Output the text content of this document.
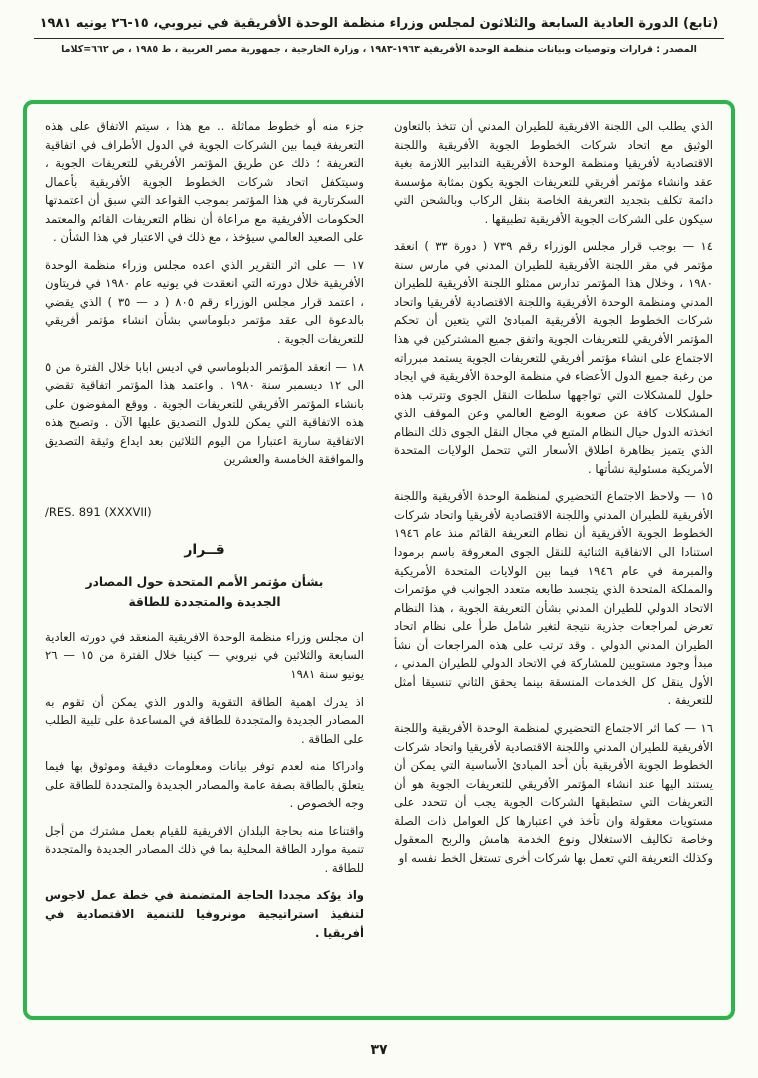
(تابع) الدورة العادية السابعة والثلاثون لمجلس وزراء منظمة الوحدة الأفريقية في نيروبي، ١٥-٢٦ يونيه ١٩٨١
المصدر : قرارات وتوصيات وبيانات منظمة الوحدة الأفريقية ١٩٦٣-١٩٨٣ ، وزارة الخارجية ، جمهورية مصر العربية ، ط ١٩٨٥ ، ص ٦٦٢=كلاما

الذي يطلب الى اللجنة الافريقية للطيران المدني أن تتخذ بالتعاون الوثيق مع اتحاد شركات الخطوط الجوية الأفريقية واللجنة الاقتصادية لأفريقيا ومنظمة الوحدة الأفريقية التدابير اللازمة بغية عقد وانشاء مؤتمر أفريقي للتعريفات الجوية يكون بمثابة مؤسسة دائمة تكلف بتجديد التعريفة الخاصة بنقل الركاب وبالشحن التي سيكون على الشركات الجوية الأفريقية تطبيقها .

١٤ — بوجب قرار مجلس الوزراء رقم ٧٣٩ ( دورة ٣٣ ) انعقد مؤتمر في مقر اللجنة الأفريقية للطيران المدني في مارس سنة ١٩٨٠ ، وخلال هذا المؤتمر تدارس ممثلو اللجنة الأفريقية للطيران المدني ومنظمة الوحدة الأفريقية واللجنة الاقتصادية لأفريقيا واتحاد شركات الخطوط الجوية الأفريقية المبادئ التي يتعين أن تحكم المؤتمر الأفريقي للتعريفات الجوية واتفق جميع المشتركين في هذا الاجتماع على انشاء مؤتمر أفريقي للتعريفات الجوية يستمد مبرراته من رغبة جميع الدول الأعضاء في منظمة الوحدة الأفريقية في ايجاد حلول للمشكلات التي تواجهها سلطات النقل الجوى وتترتب هذه المشكلات كافة عن صعوبة الوضع العالمي وعن الموقف الذي اتخذته الدول حيال النظام المتبع في مجال النقل الجوى ذلك النظام الذي يتميز بظاهرة اطلاق الأسعار التي تتحمل الولايات المتحدة الأمريكية مسئولية نشأتها .

١٥ — ولاحظ الاجتماع التحضيري لمنظمة الوحدة الأفريقية واللجنة الأفريقية للطيران المدني واللجنة الاقتصادية لأفريقيا واتحاد شركات الخطوط الجوية الأفريقية أن نظام التعريفة القائم منذ عام ١٩٤٦ استنادا الى الاتفاقية الثنائية للنقل الجوى المعروفة باسم برمودا والمبرمة في عام ١٩٤٦ فيما بين الولايات المتحدة الأمريكية والمملكة المتحدة الذي يتجسد طابعه متعدد الجوانب في مؤتمرات الاتحاد الدولي للطيران المدني بشأن التعريفة الجوية ، هذا النظام تعرض لمراجعات جذرية نتيجة لتغير شامل طرأ على نظام اتحاد الطيران المدني الدولي . وقد ترتب على هذه المراجعات أن نشأ مبدأ وجود مستويين للمشاركة في الاتحاد الدولي للطيران المدني ، الأول ينقل كل الخدمات المنسقة بينما يحقق الثاني تنسيقا أمثل للتعريفة .

١٦ — كما اثر الاجتماع التحضيري لمنظمة الوحدة الأفريقية واللجنة الأفريقية للطيران المدني واللجنة الاقتصادية لأفريقيا واتحاد شركات الخطوط الجوية الأفريقية بأن أحد المبادئ الأساسية التي يمكن أن يستند اليها عند انشاء المؤتمر الأفريقي للتعريفات الجوية هو أن التعريفات التي ستطبقها الشركات الجوية يجب أن تتحدد على مستويات معقولة وان تأخذ في اعتبارها كل العوامل ذات الصلة وخاصة تكاليف الاستغلال ونوع الخدمة هامش والربح المعقول وكذلك التعريفة التي تعمل بها شركات أخرى تستغل الخط نفسه او

جزء منه أو خطوط مماثلة .. مع هذا ، سيتم الاتفاق على هذه التعريفة فيما بين الشركات الجوية في الدول الأطراف في اتفاقية التعريفة ؛ ذلك عن طريق المؤتمر الأفريقي للتعريفات الجوية ، وسيتكفل اتحاد شركات الخطوط الجوية الأفريقية بأعمال السكرتارية في هذا المؤتمر بموجب القواعد التي سبق أن اعتمدتها الحكومات الأفريقية مع مراعاة أن نظام التعريفات القائم والمعتمد على الصعيد العالمي سيؤخذ ، مع ذلك في الاعتبار في هذا الشأن .

١٧ — على اثر التقرير الذي اعده مجلس وزراء منظمة الوحدة الأفريقية خلال دورته التي انعقدت في يونيه عام ١٩٨٠ في فريتاون ، اعتمد قرار مجلس الوزراء رقم ٨٠٥ ( د — ٣٥ ) الذي يقضي بالدعوة الى عقد مؤتمر دبلوماسي بشأن انشاء مؤتمر أفريقي للتعريفات الجوية .

١٨ — انعقد المؤتمر الدبلوماسي في اديس ابابا خلال الفترة من ٥ الى ١٢ ديسمبر سنة ١٩٨٠ . واعتمد هذا المؤتمر اتفاقية تقضي بانشاء المؤتمر الأفريقي للتعريفات الجوية . ووقع المفوضون على هذه الاتفاقية التي يمكن للدول التصديق عليها الآن . وتصبح هذه الاتفاقية سارية اعتبارا من اليوم الثلاثين بعد ايداع وثيقة التصديق والموافقة الخامسة والعشرين

/RES. 891 (XXXVII)
قــرار
بشأن مؤتمر الأمم المتحدة حول المصادر الجديدة والمتجددة للطاقة

ان مجلس وزراء منظمة الوحدة الافريقية المنعقد في دورته العادية السابعة والثلاثين في نيروبي — كينيا خلال الفترة من ١٥ — ٢٦ يونيو سنة ١٩٨١

اذ يدرك اهمية الطاقة التقوية والدور الذي يمكن أن تقوم به المصادر الجديدة والمتجددة للطاقة في المساعدة على تلبية الطلب على الطاقة .

وادراكا منه لعدم توفر بيانات ومعلومات دقيقة وموثوق بها فيما يتعلق بالطاقة بصفة عامة والمصادر الجديدة والمتجددة للطاقة على وجه الخصوص .

واقتناعا منه بحاجة البلدان الافريقية للقيام بعمل مشترك من أجل تنمية موارد الطاقة المحلية بما في ذلك المصادر الجديدة والمتجددة للطاقة .

واذ يؤكد مجددا الحاجة المتضمنة في خطة عمل لاجوس لتنفيذ استراتيجية مونروفيا للتنمية الاقتصادية في أفريقيا .

٣٧
